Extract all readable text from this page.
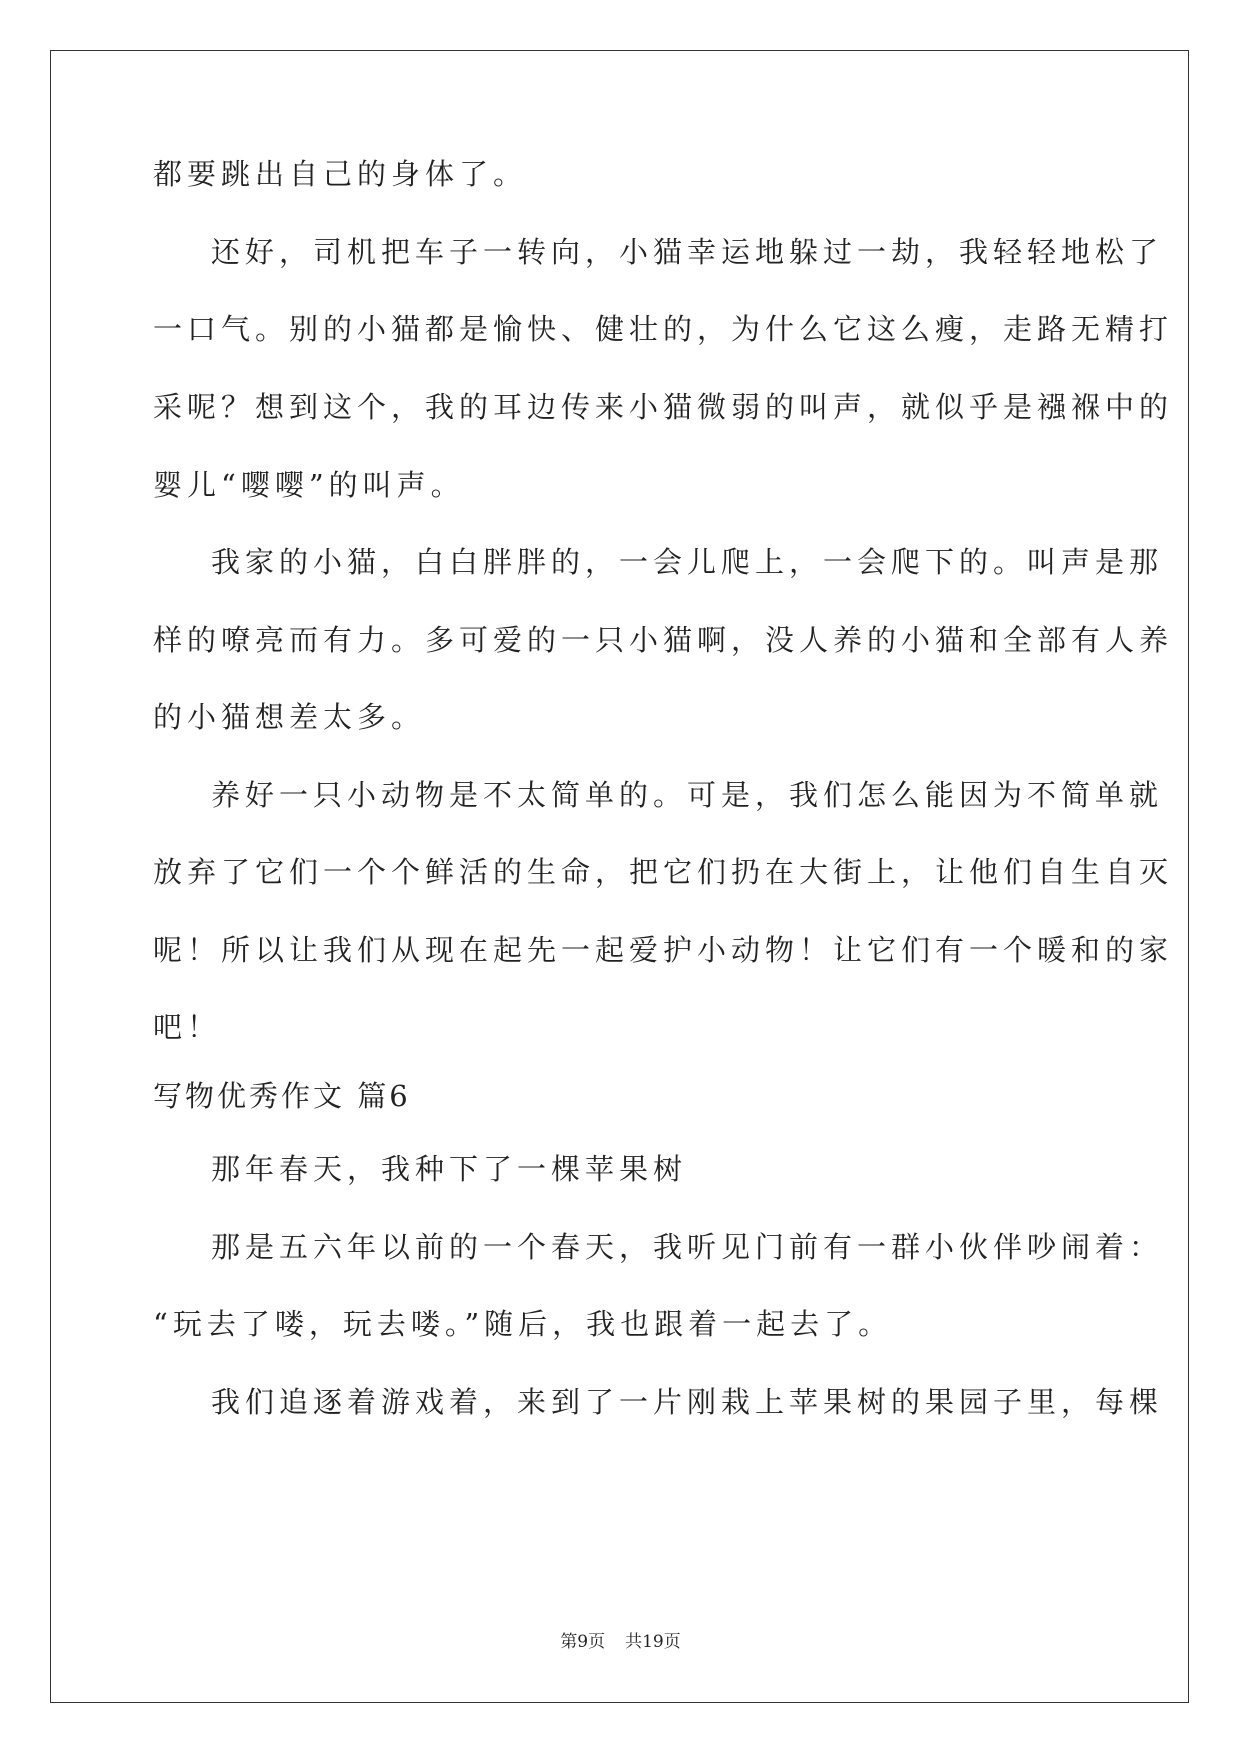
都要跳出自己的身体了。

还好，司机把车子一转向，小猫幸运地躲过一劫，我轻轻地松了

一口气。别的小猫都是愉快、健壮的，为什么它这么瘦，走路无精打

采呢？想到这个，我的耳边传来小猫微弱的叫声，就似乎是襁褓中的

婴儿“嘤嘤”的叫声。

我家的小猫，白白胖胖的，一会儿爬上，一会爬下的。叫声是那

样的嘹亮而有力。多可爱的一只小猫啊，没人养的小猫和全部有人养

的小猫想差太多。

养好一只小动物是不太简单的。可是，我们怎么能因为不简单就

放弃了它们一个个鲜活的生命，把它们扔在大街上，让他们自生自灭

呢！所以让我们从现在起先一起爱护小动物！让它们有一个暖和的家

吧！

写物优秀作文 篇6

那年春天，我种下了一棵苹果树

那是五六年以前的一个春天，我听见门前有一群小伙伴吵闹着：

“玩去了喽，玩去喽。”随后，我也跟着一起去了。

我们追逐着游戏着，来到了一片刚栽上苹果树的果园子里，每棵

第9页 共19页
